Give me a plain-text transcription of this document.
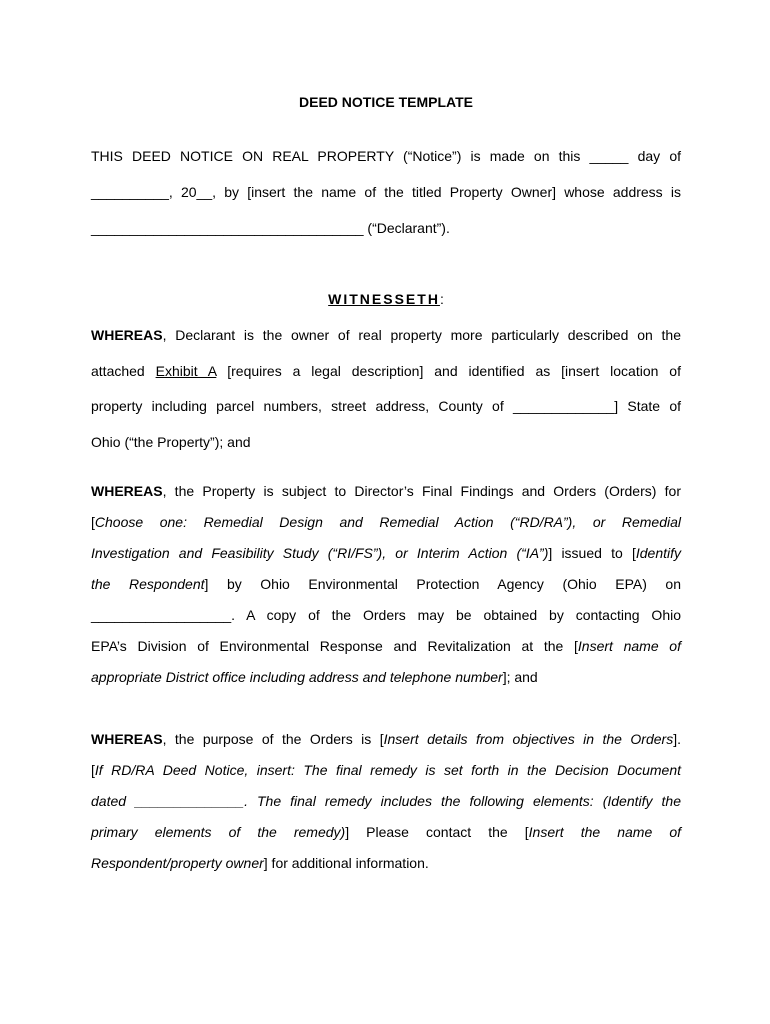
DEED NOTICE TEMPLATE
THIS DEED NOTICE ON REAL PROPERTY (“Notice”) is made on this _____ day of
__________, 20__, by [insert the name of the titled Property Owner] whose address is
___________________________________ (“Declarant”).
WITNESSETH:
WHEREAS, Declarant is the owner of real property more particularly described on the
attached Exhibit A [requires a legal description] and identified as [insert location of
property including parcel numbers, street address, County of _____________] State of
Ohio (“the Property”); and
WHEREAS, the Property is subject to Director’s Final Findings and Orders (Orders) for
[Choose one: Remedial Design and Remedial Action (“RD/RA”), or Remedial
Investigation and Feasibility Study (“RI/FS”), or Interim Action (“IA”)] issued to [Identify
the Respondent] by Ohio Environmental Protection Agency (Ohio EPA) on
__________________. A copy of the Orders may be obtained by contacting Ohio
EPA’s Division of Environmental Response and Revitalization at the [Insert name of
appropriate District office including address and telephone number]; and
WHEREAS, the purpose of the Orders is [Insert details from objectives in the Orders].
[If RD/RA Deed Notice, insert: The final remedy is set forth in the Decision Document
dated ______________. The final remedy includes the following elements: (Identify the
primary elements of the remedy)] Please contact the [Insert the name of
Respondent/property owner] for additional information.
